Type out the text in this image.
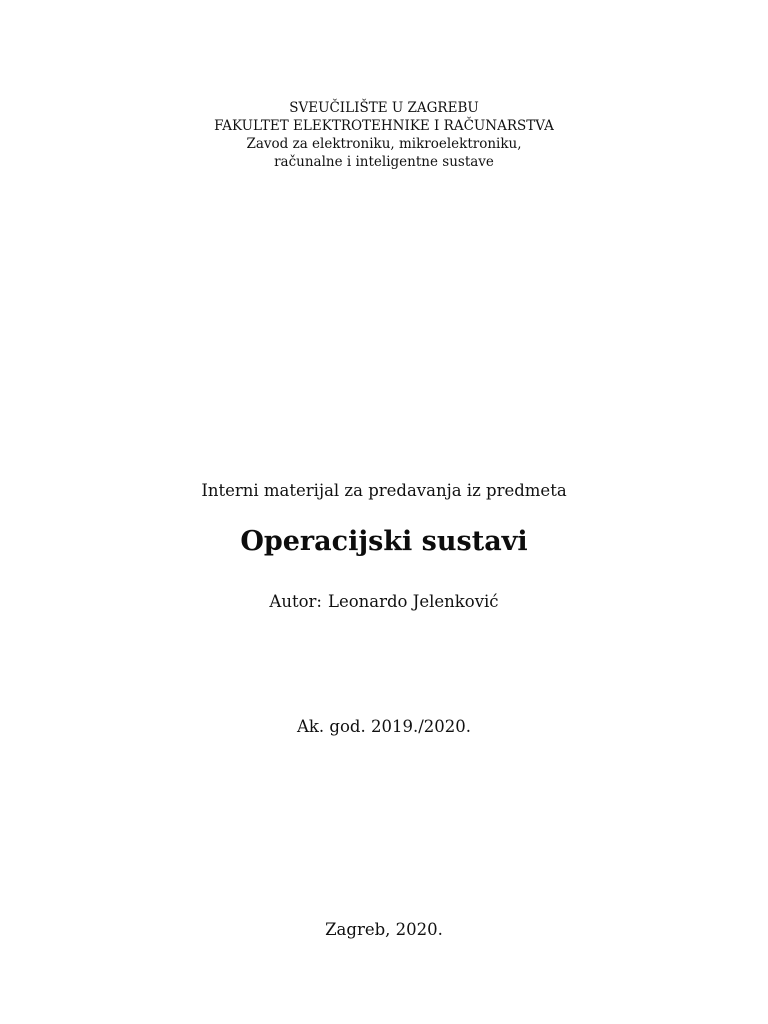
SVEUČILIŠTE U ZAGREBU
FAKULTET ELEKTROTEHNIKE I RAČUNARSTVA
Zavod za elektroniku, mikroelektroniku,
računalne i inteligentne sustave
Interni materijal za predavanja iz predmeta
Operacijski sustavi
Autor: Leonardo Jelenković
Ak. god. 2019./2020.
Zagreb, 2020.
